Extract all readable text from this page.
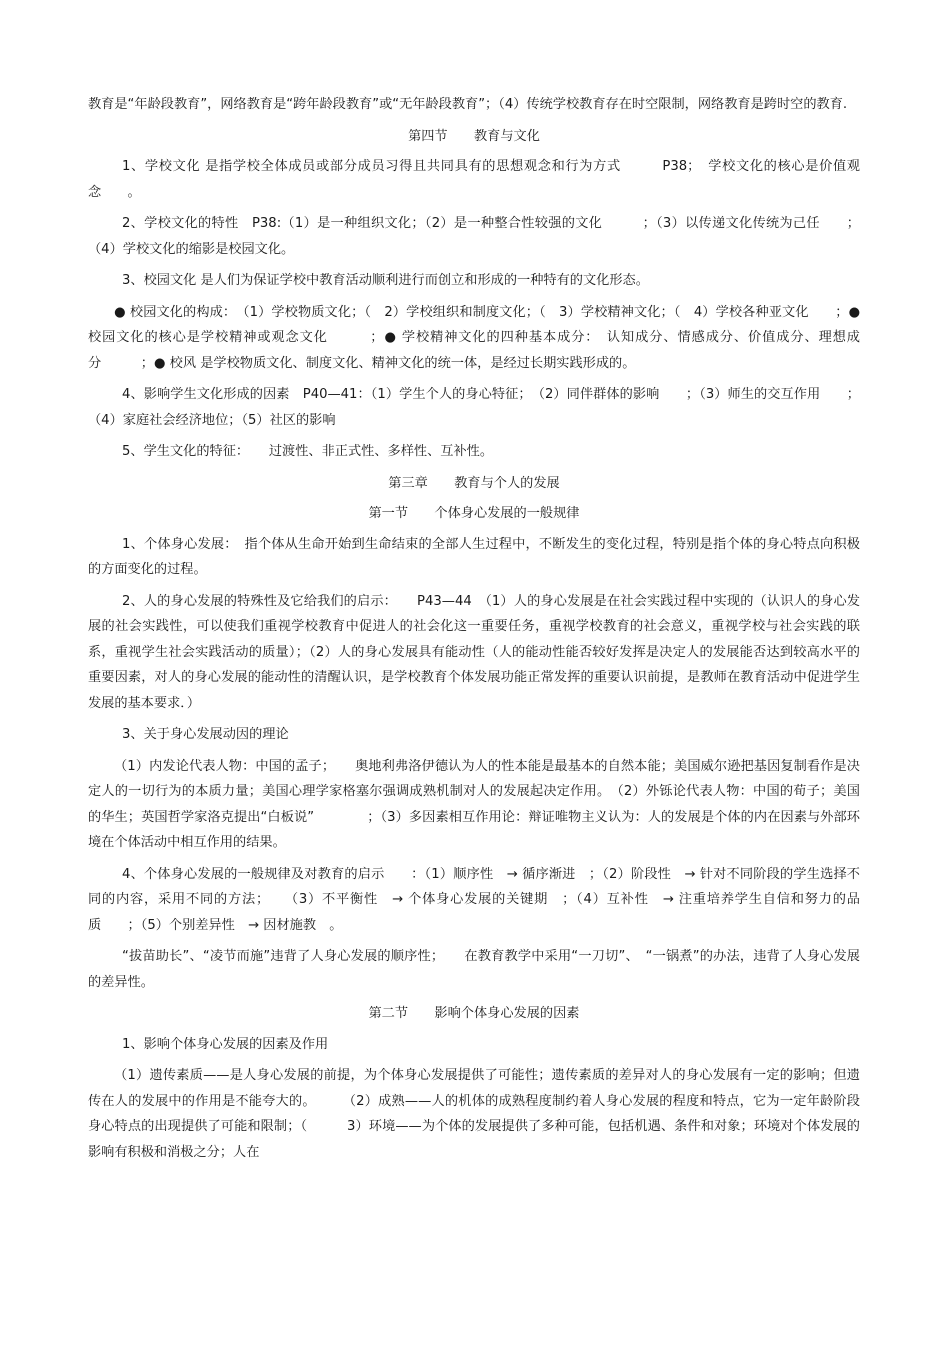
教育是“年龄段教育”，网络教育是“跨年龄段教育”或“无年龄段教育”；（4）传统学校教育存在时空限制，网络教育是跨时空的教育.

第四节　　教育与文化

1、学校文化 是指学校全体成员或部分成员习得且共同具有的思想观念和行为方式　　　P38；　学校文化的核心是价值观念　　。

2、学校文化的特性　P38:（1）是一种组织文化；（2）是一种整合性较强的文化　　　；（3）以传递文化传统为己任　　；（4）学校文化的缩影是校园文化。

3、校园文化 是人们为保证学校中教育活动顺利进行而创立和形成的一种特有的文化形态。

● 校园文化的构成：　（1）学校物质文化；（　2）学校组织和制度文化；（　3）学校精神文化；（　4）学校各种亚文化　　；●校园文化的核心是学校精神或观念文化　　　；● 学校精神文化的四种基本成分：　认知成分、情感成分、价值成分、理想成分　　　；● 校风 是学校物质文化、制度文化、精神文化的统一体，是经过长期实践形成的。

4、影响学生文化形成的因素　P40—41：（1）学生个人的身心特征；　（2）同伴群体的影响　　；（3）师生的交互作用　　；（4）家庭社会经济地位；（5）社区的影响

5、学生文化的特征：　　过渡性、非正式性、多样性、互补性。

第三章　　教育与个人的发展

第一节　　个体身心发展的一般规律

1、个体身心发展：　指个体从生命开始到生命结束的全部人生过程中，不断发生的变化过程，特别是指个体的身心特点向积极的方面变化的过程。

2、人的身心发展的特殊性及它给我们的启示：　　P43—44　（1）人的身心发展是在社会实践过程中实现的（认识人的身心发展的社会实践性，可以使我们重视学校教育中促进人的社会化这一重要任务，重视学校教育的社会意义，重视学校与社会实践的联系，重视学生社会实践活动的质量）；（2）人的身心发展具有能动性（人的能动性能否较好发挥是决定人的发展能否达到较高水平的重要因素，对人的身心发展的能动性的清醒认识，是学校教育个体发展功能正常发挥的重要认识前提，是教师在教育活动中促进学生发展的基本要求．）

3、关于身心发展动因的理论

（1）内发论代表人物：中国的孟子；　　奥地利弗洛伊德认为人的性本能是最基本的自然本能；美国威尔逊把基因复制看作是决定人的一切行为的本质力量；美国心理学家格塞尔强调成熟机制对人的发展起决定作用。　（2）外铄论代表人物：中国的荀子；美国的华生；英国哲学家洛克提出“白板说”　　　　；（3）多因素相互作用论：辩证唯物主义认为：人的发展是个体的内在因素与外部环境在个体活动中相互作用的结果。

4、个体身心发展的一般规律及对教育的启示　　：（1）顺序性　→ 循序渐进　；（2）阶段性　→ 针对不同阶段的学生选择不同的内容，采用不同的方法；　　（3）不平衡性　→ 个体身心发展的关键期　；（4）互补性　→ 注重培养学生自信和努力的品质　　；（5）个别差异性　→ 因材施教　。

“拔苗助长”、“凌节而施”违背了人身心发展的顺序性；　　在教育教学中采用“一刀切”、　“一锅煮”的办法，违背了人身心发展的差异性。

第二节　　影响个体身心发展的因素

1、影响个体身心发展的因素及作用

（1）遗传素质——是人身心发展的前提，为个体身心发展提供了可能性；遗传素质的差异对人的身心发展有一定的影响；但遗传在人的发展中的作用是不能夸大的。　　　（2）成熟——人的机体的成熟程度制约着人身心发展的程度和特点，它为一定年龄阶段身心特点的出现提供了可能和限制；（　　　3）环境——为个体的发展提供了多种可能，包括机遇、条件和对象；环境对个体发展的影响有积极和消极之分；人在
